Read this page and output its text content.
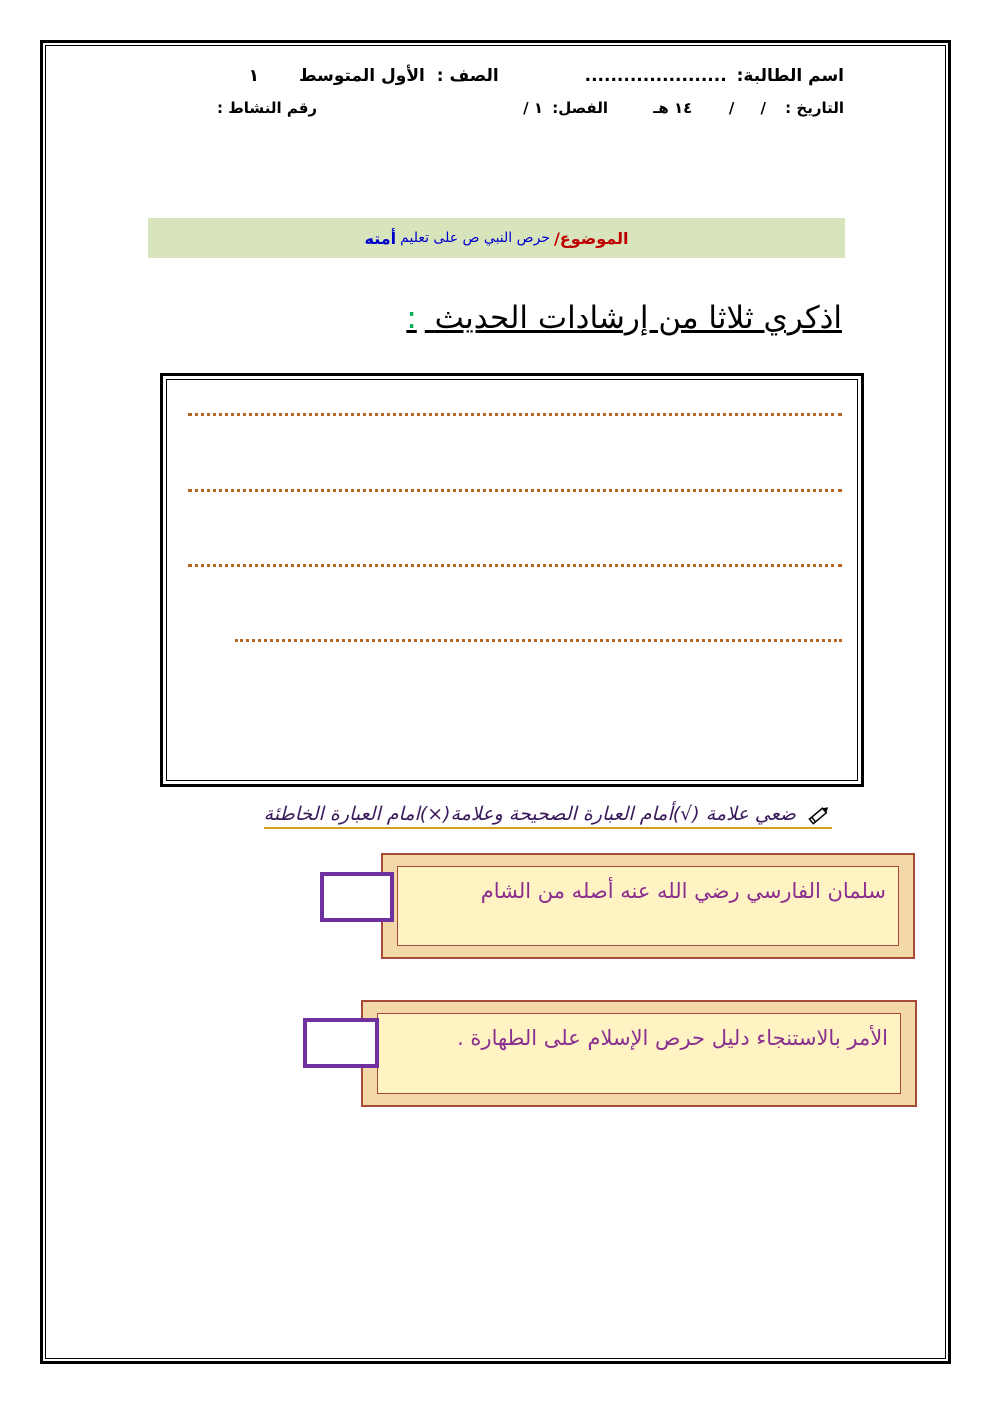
اسم الطالبة: ...................... الصف : الأول المتوسط ١
التاريخ : /     /       ١٤ هـ الفصل: ١ /
رقم النشاط :
الموضوع/
حرص النبي ص على تعليم
أمته
اذكري ثلاثا من إرشادات الحديث :
ضعي علامة (√)أمام العبارة الصحيحة وعلامة(×)امام العبارة الخاطئة
سلمان الفارسي رضي الله عنه أصله من الشام
الأمر بالاستنجاء دليل حرص الإسلام على الطهارة .
